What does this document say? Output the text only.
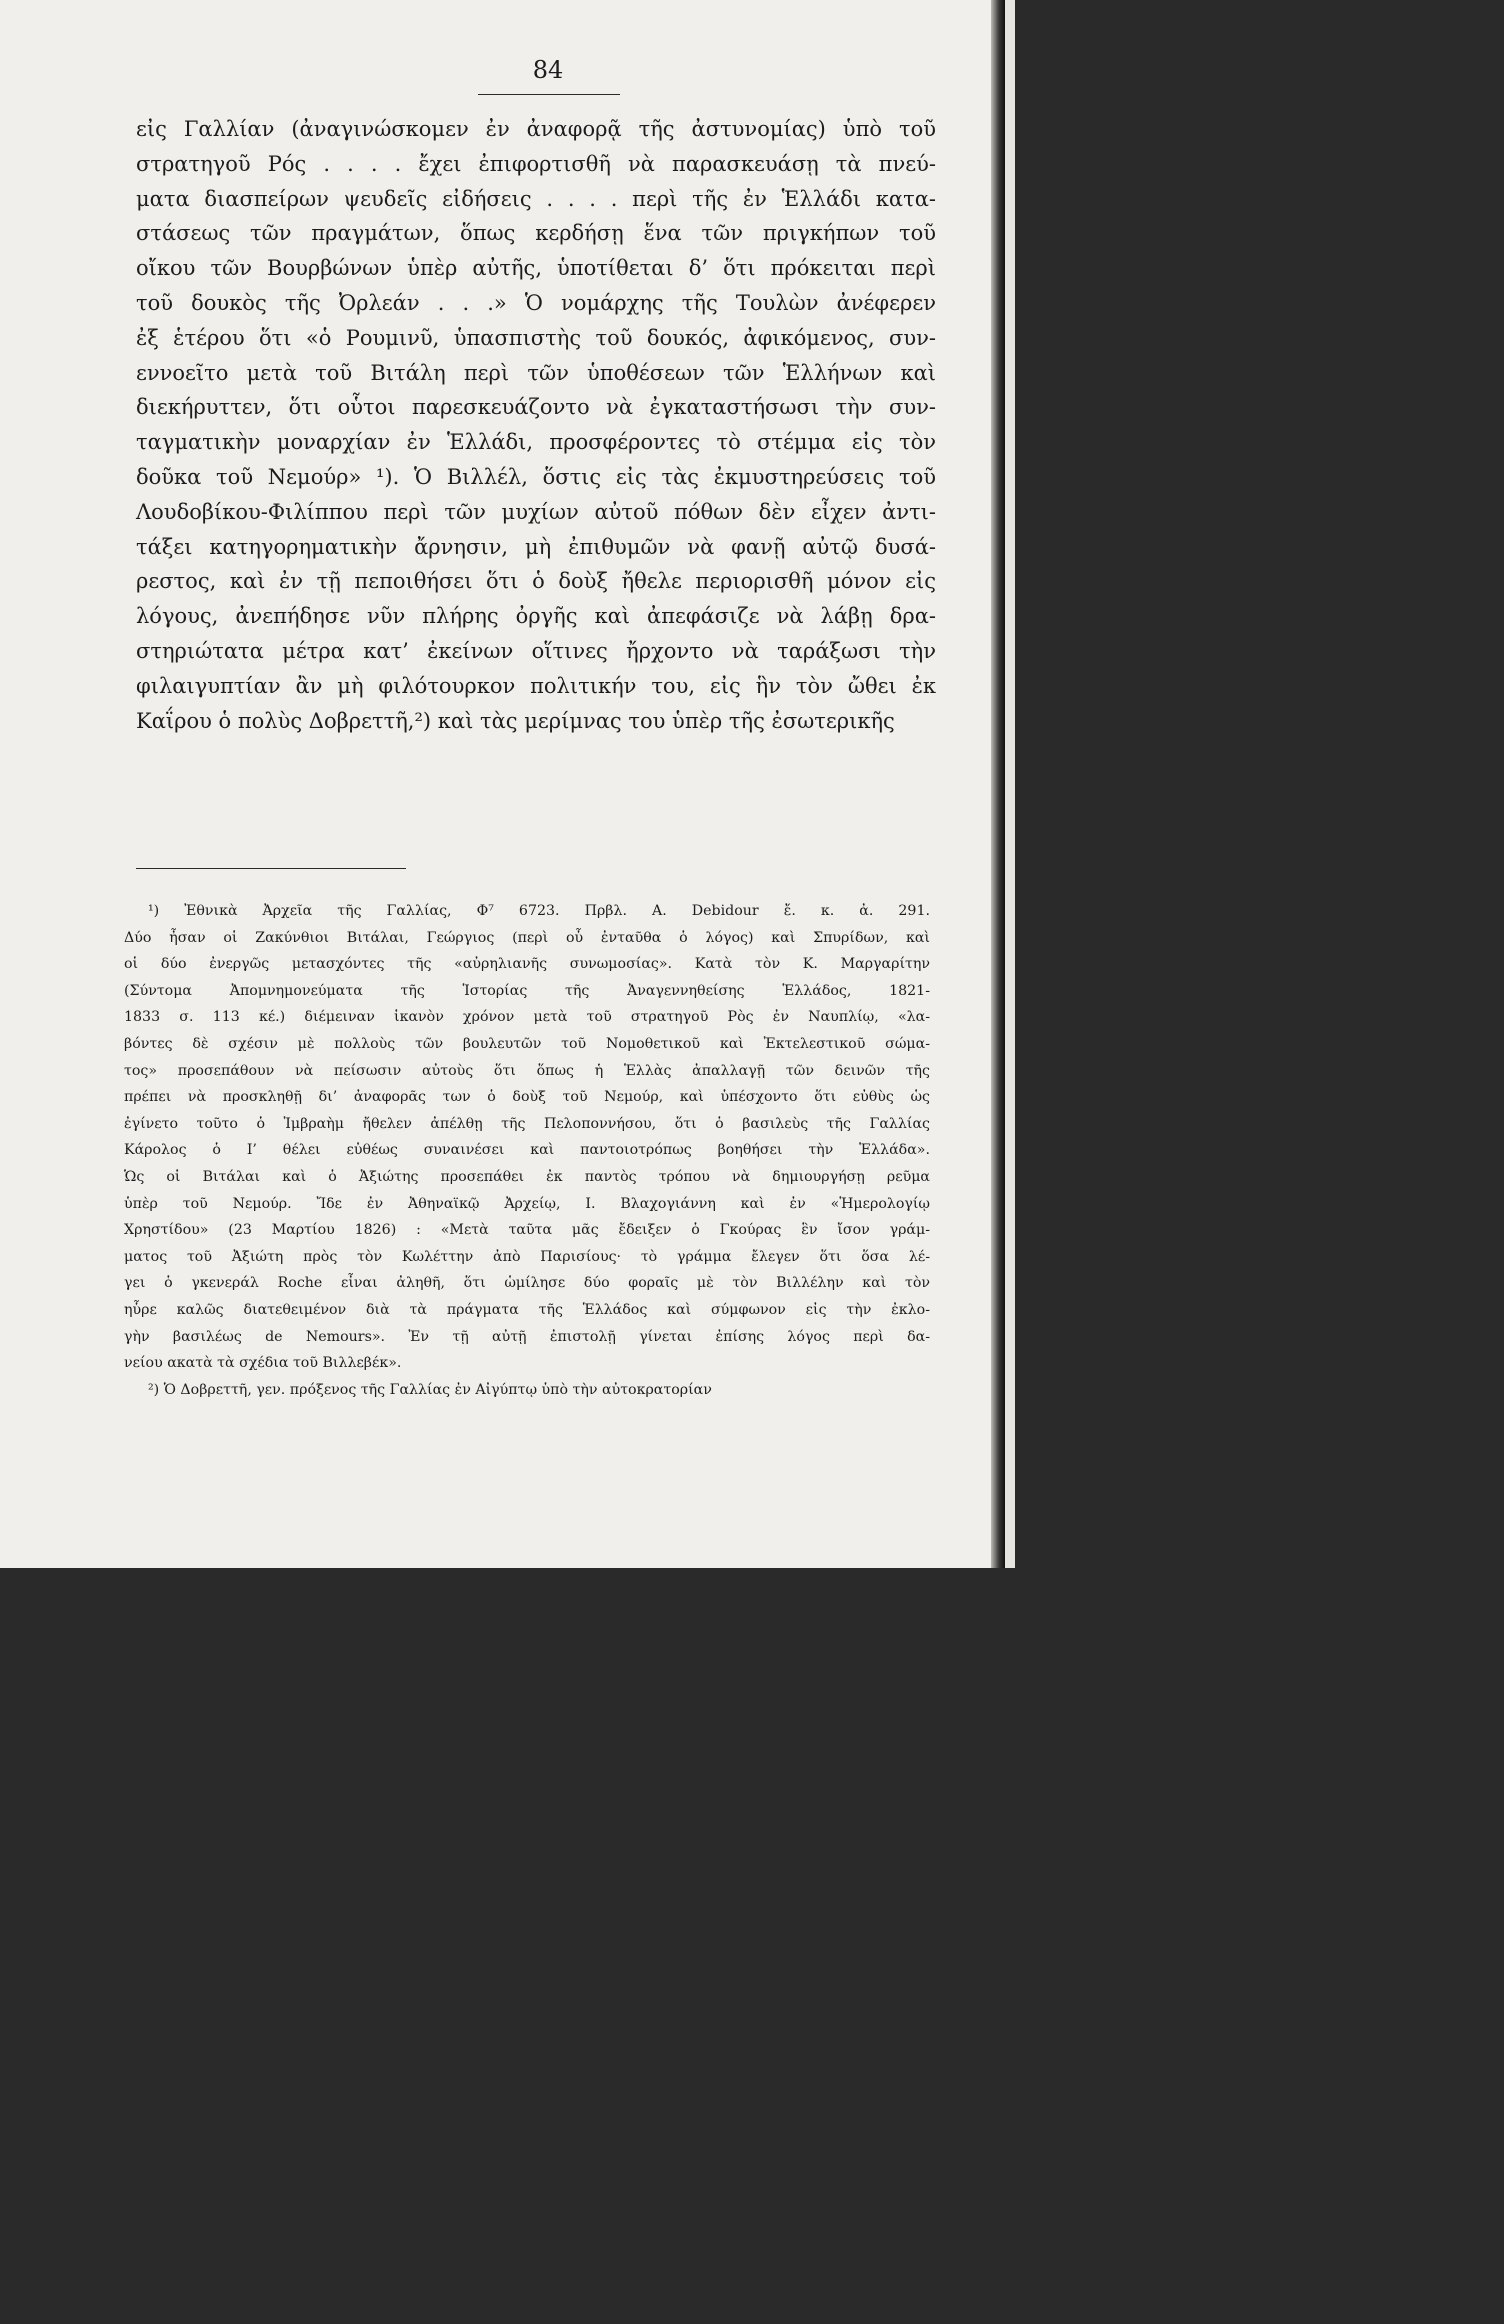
84
εἰς Γαλλίαν (ἀναγινώσκομεν ἐν ἀναφορᾷ τῆς ἀστυνομίας) ὑπὸ τοῦ
στρατηγοῦ Ρός . . . . ἔχει ἐπιφορτισθῆ νὰ παρασκευάσῃ τὰ πνεύ-
ματα διασπείρων ψευδεῖς εἰδήσεις . . . . περὶ τῆς ἐν Ἑλλάδι κατα-
στάσεως τῶν πραγμάτων, ὅπως κερδήσῃ ἕνα τῶν πριγκήπων τοῦ
οἴκου τῶν Βουρβώνων ὑπὲρ αὐτῆς, ὑποτίθεται δ’ ὅτι πρόκειται περὶ
τοῦ δουκὸς τῆς Ὀρλεάν . . .» Ὁ νομάρχης τῆς Τουλὼν ἀνέφερεν
ἐξ ἑτέρου ὅτι «ὁ Ρουμινῦ, ὑπασπιστὴς τοῦ δουκός, ἀφικόμενος, συν-
εννοεῖτο μετὰ τοῦ Βιτάλη περὶ τῶν ὑποθέσεων τῶν Ἑλλήνων καὶ
διεκήρυττεν, ὅτι οὗτοι παρεσκευάζοντο νὰ ἐγκαταστήσωσι τὴν συν-
ταγματικὴν μοναρχίαν ἐν Ἑλλάδι, προσφέροντες τὸ στέμμα εἰς τὸν
δοῦκα τοῦ Νεμούρ» ¹). Ὁ Βιλλέλ, ὅστις εἰς τὰς ἐκμυστηρεύσεις τοῦ
Λουδοβίκου-Φιλίππου περὶ τῶν μυχίων αὐτοῦ πόθων δὲν εἶχεν ἀντι-
τάξει κατηγορηματικὴν ἄρνησιν, μὴ ἐπιθυμῶν νὰ φανῇ αὐτῷ δυσά-
ρεστος, καὶ ἐν τῇ πεποιθήσει ὅτι ὁ δοὺξ ἤθελε περιορισθῆ μόνον εἰς
λόγους, ἀνεπήδησε νῦν πλήρης ὀργῆς καὶ ἀπεφάσιζε νὰ λάβῃ δρα-
στηριώτατα μέτρα κατ’ ἐκείνων οἵτινες ἤρχοντο νὰ ταράξωσι τὴν
φιλαιγυπτίαν ἂν μὴ φιλότουρκον πολιτικήν του, εἰς ἣν τὸν ὤθει ἐκ
Καΐρου ὁ πολὺς Δοβρεττῆ,²) καὶ τὰς μερίμνας του ὑπὲρ τῆς ἐσωτερικῆς
¹) Ἐθνικὰ Ἀρχεῖα τῆς Γαλλίας, Φ⁷ 6723. Πρβλ. A. Debidour ἔ. κ. ἀ. 291.
Δύο ἦσαν οἱ Ζακύνθιοι Βιτάλαι, Γεώργιος (περὶ οὗ ἐνταῦθα ὁ λόγος) καὶ Σπυρίδων, καὶ
οἱ δύο ἐνεργῶς μετασχόντες τῆς «αὐρηλιανῆς συνωμοσίας». Κατὰ τὸν Κ. Μαργαρίτην
(Σύντομα Ἀπομνημονεύματα τῆς Ἱστορίας τῆς Ἀναγεννηθείσης Ἑλλάδος, 1821-
1833 σ. 113 κέ.) διέμειναν ἱκανὸν χρόνον μετὰ τοῦ στρατηγοῦ Ρὸς ἐν Ναυπλίῳ, «λα-
βόντες δὲ σχέσιν μὲ πολλοὺς τῶν βουλευτῶν τοῦ Νομοθετικοῦ καὶ Ἐκτελεστικοῦ σώμα-
τος» προσεπάθουν νὰ πείσωσιν αὐτοὺς ὅτι ὅπως ἡ Ἑλλὰς ἀπαλλαγῇ τῶν δεινῶν τῆς
πρέπει νὰ προσκληθῇ δι’ ἀναφορᾶς των ὁ δοὺξ τοῦ Νεμούρ, καὶ ὑπέσχοντο ὅτι εὐθὺς ὡς
ἐγίνετο τοῦτο ὁ Ἰμβραὴμ ἤθελεν ἀπέλθῃ τῆς Πελοποννήσου, ὅτι ὁ βασιλεὺς τῆς Γαλλίας
Κάρολος ὁ Ι’ θέλει εὐθέως συναινέσει καὶ παντοιοτρόπως βοηθήσει τὴν Ἑλλάδα».
Ὡς οἱ Βιτάλαι καὶ ὁ Ἀξιώτης προσεπάθει ἐκ παντὸς τρόπου νὰ δημιουργήσῃ ρεῦμα
ὑπὲρ τοῦ Νεμούρ. Ἴδε ἐν Ἀθηναϊκῷ Ἀρχείῳ, Ι. Βλαχογιάννη καὶ ἐν «Ἡμερολογίῳ
Χρηστίδου» (23 Μαρτίου 1826) : «Μετὰ ταῦτα μᾶς ἔδειξεν ὁ Γκούρας ἓν ἴσον γράμ-
ματος τοῦ Ἀξιώτη πρὸς τὸν Κωλέττην ἀπὸ Παρισίους· τὸ γράμμα ἔλεγεν ὅτι ὅσα λέ-
γει ὁ γκενεράλ Roche εἶναι ἀληθῆ, ὅτι ὡμίλησε δύο φοραῖς μὲ τὸν Βιλλέλην καὶ τὸν
ηὗρε καλῶς διατεθειμένον διὰ τὰ πράγματα τῆς Ἑλλάδος καὶ σύμφωνον εἰς τὴν ἐκλο-
γὴν βασιλέως de Nemours». Ἐν τῇ αὐτῇ ἐπιστολῇ γίνεται ἐπίσης λόγος περὶ δα-
νείου ακατὰ τὰ σχέδια τοῦ Βιλλεβέκ».
²) Ὁ Δοβρεττῆ, γεν. πρόξενος τῆς Γαλλίας ἐν Αἰγύπτῳ ὑπὸ τὴν αὐτοκρατορίαν
